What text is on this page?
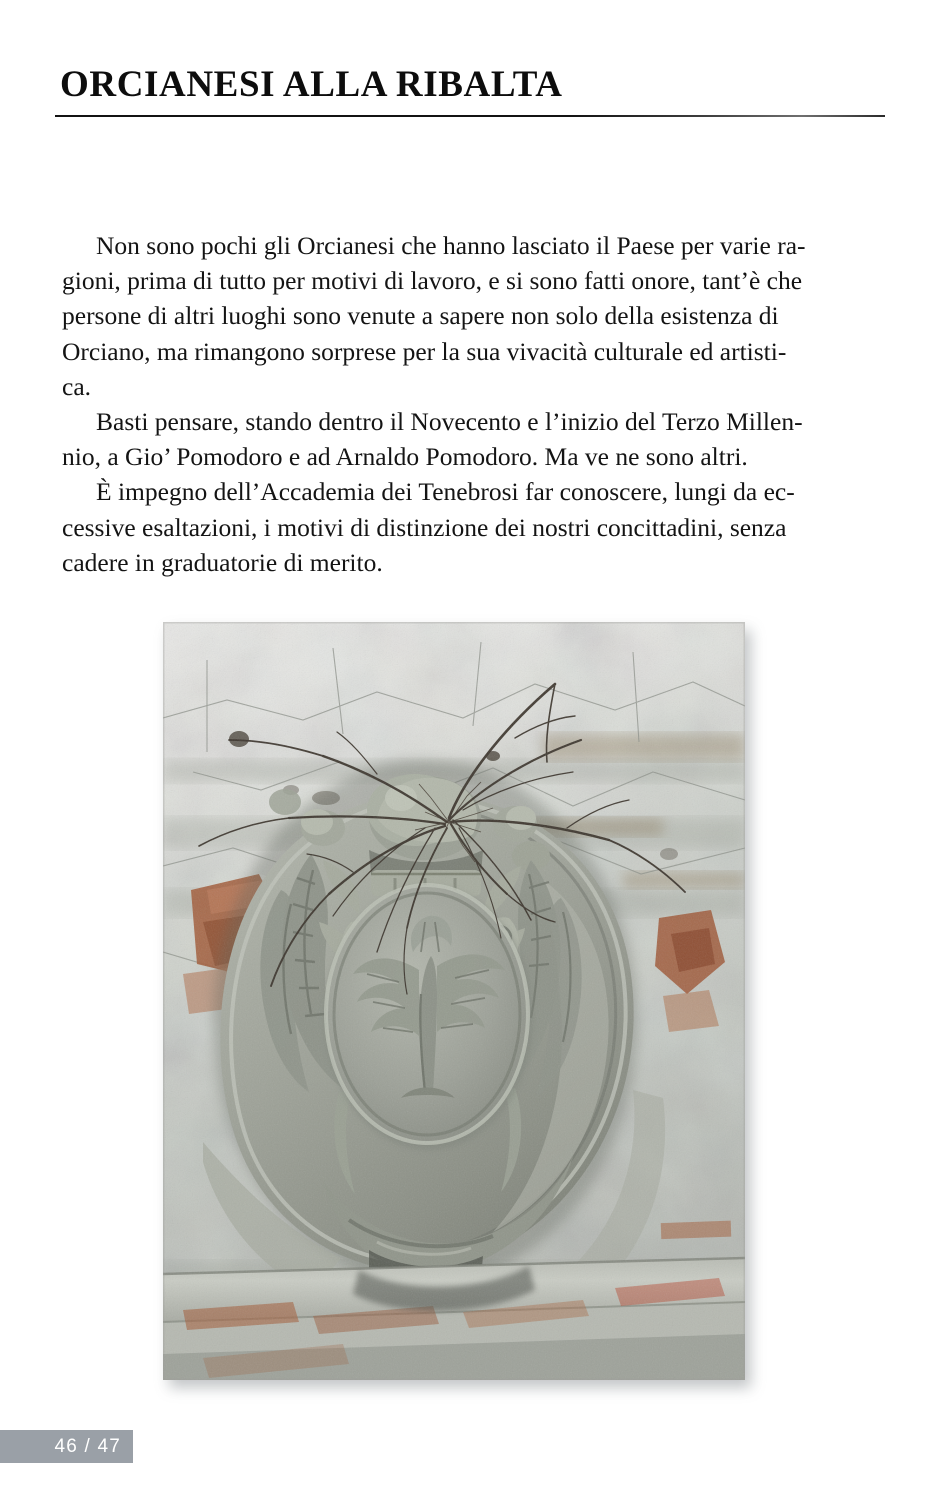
ORCIANESI ALLA RIBALTA

Non sono pochi gli Orcianesi che hanno lasciato il Paese per varie ra-
gioni, prima di tutto per motivi di lavoro, e si sono fatti onore, tant’è che
persone di altri luoghi sono venute a sapere non solo della esistenza di
Orciano, ma rimangono sorprese per la sua vivacità culturale ed artisti-
ca.

Basti pensare, stando dentro il Novecento e l’inizio del Terzo Millen-
nio, a Gio’ Pomodoro e ad Arnaldo Pomodoro. Ma ve ne sono altri.

È impegno dell’Accademia dei Tenebrosi far conoscere, lungi da ec-
cessive esaltazioni, i motivi di distinzione dei nostri concittadini, senza
cadere in graduatorie di merito.

46 / 47
